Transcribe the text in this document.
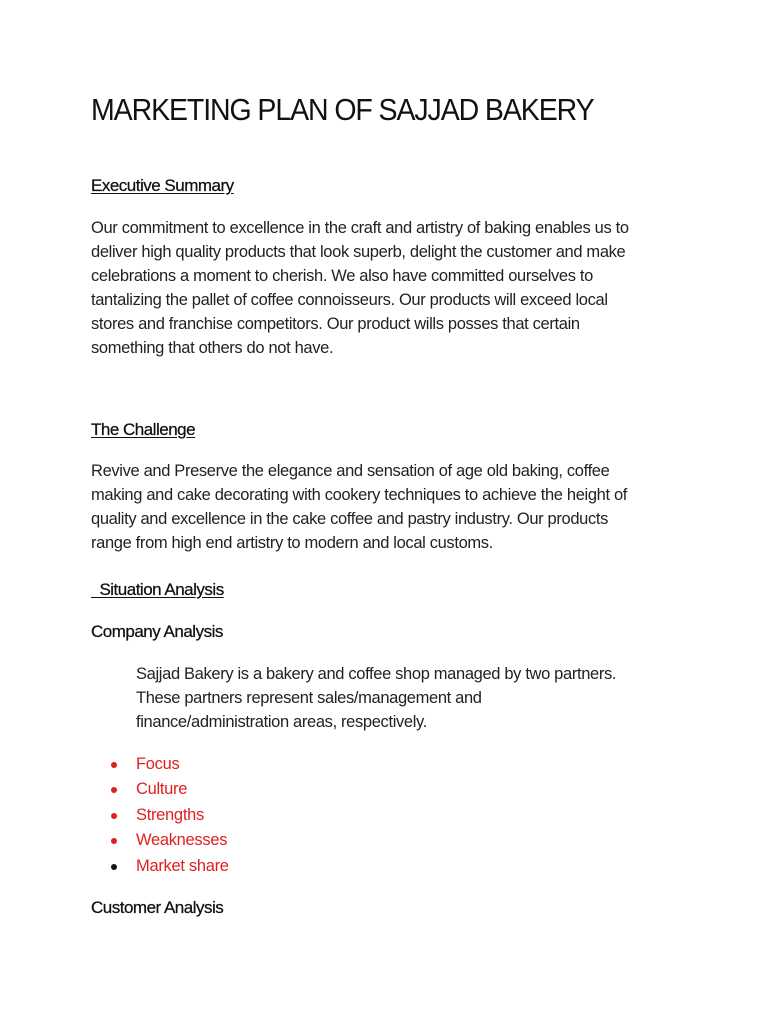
MARKETING PLAN OF SAJJAD BAKERY
Executive Summary

Our commitment to excellence in the craft and artistry of baking enables us to
deliver high quality products that look superb, delight the customer and make
celebrations a moment to cherish. We also have committed ourselves to
tantalizing the pallet of coffee connoisseurs. Our products will exceed local
stores and franchise competitors. Our product wills posses that certain
something that others do not have.

The Challenge

Revive and Preserve the elegance and sensation of age old baking, coffee
making and cake decorating with cookery techniques to achieve the height of
quality and excellence in the cake coffee and pastry industry. Our products
range from high end artistry to modern and local customs.

Situation Analysis
Company Analysis

Sajjad Bakery is a bakery and coffee shop managed by two partners.
These partners represent sales/management and
finance/administration areas, respectively.

Focus
Culture
Strengths
Weaknesses
Market share
Customer Analysis
